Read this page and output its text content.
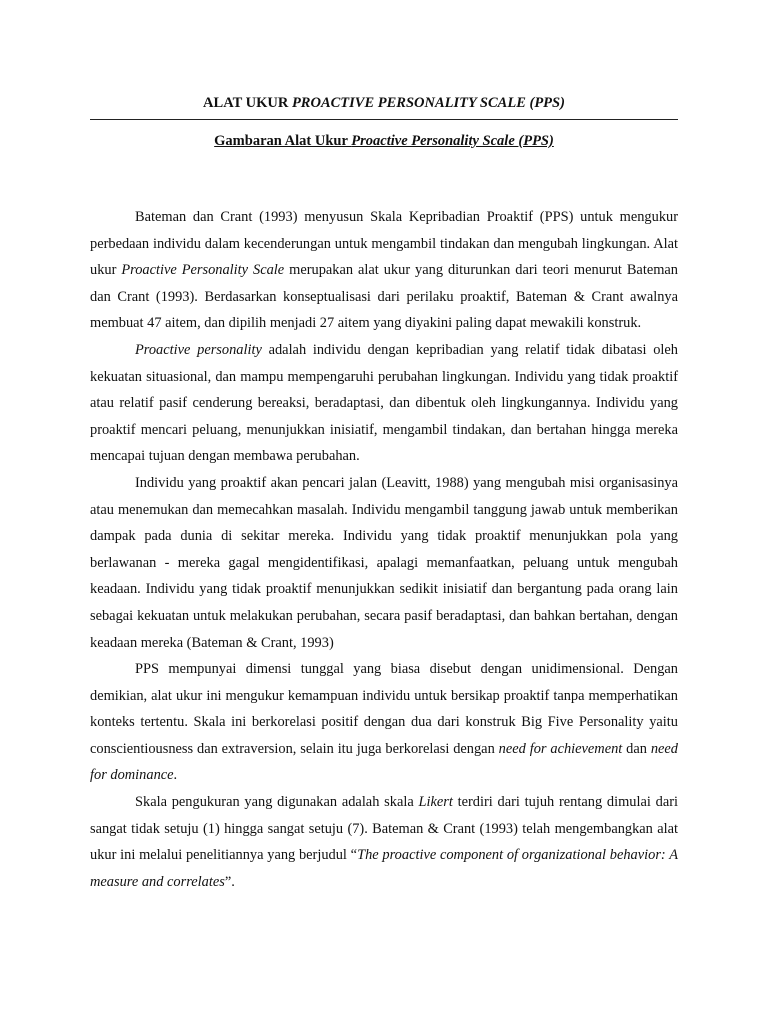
ALAT UKUR PROACTIVE PERSONALITY SCALE (PPS)
Gambaran Alat Ukur Proactive Personality Scale (PPS)

Bateman dan Crant (1993) menyusun Skala Kepribadian Proaktif (PPS) untuk mengukur perbedaan individu dalam kecenderungan untuk mengambil tindakan dan mengubah lingkungan. Alat ukur Proactive Personality Scale merupakan alat ukur yang diturunkan dari teori menurut Bateman dan Crant (1993). Berdasarkan konseptualisasi dari perilaku proaktif, Bateman & Crant awalnya membuat 47 aitem, dan dipilih menjadi 27 aitem yang diyakini paling dapat mewakili konstruk.

Proactive personality adalah individu dengan kepribadian yang relatif tidak dibatasi oleh kekuatan situasional, dan mampu mempengaruhi perubahan lingkungan. Individu yang tidak proaktif atau relatif pasif cenderung bereaksi, beradaptasi, dan dibentuk oleh lingkungannya. Individu yang proaktif mencari peluang, menunjukkan inisiatif, mengambil tindakan, dan bertahan hingga mereka mencapai tujuan dengan membawa perubahan.

Individu yang proaktif akan pencari jalan (Leavitt, 1988) yang mengubah misi organisasinya atau menemukan dan memecahkan masalah. Individu mengambil tanggung jawab untuk memberikan dampak pada dunia di sekitar mereka. Individu yang tidak proaktif menunjukkan pola yang berlawanan - mereka gagal mengidentifikasi, apalagi memanfaatkan, peluang untuk mengubah keadaan. Individu yang tidak proaktif menunjukkan sedikit inisiatif dan bergantung pada orang lain sebagai kekuatan untuk melakukan perubahan, secara pasif beradaptasi, dan bahkan bertahan, dengan keadaan mereka (Bateman & Crant, 1993)

PPS mempunyai dimensi tunggal yang biasa disebut dengan unidimensional. Dengan demikian, alat ukur ini mengukur kemampuan individu untuk bersikap proaktif tanpa memperhatikan konteks tertentu. Skala ini berkorelasi positif dengan dua dari konstruk Big Five Personality yaitu conscientiousness dan extraversion, selain itu juga berkorelasi dengan need for achievement dan need for dominance.

Skala pengukuran yang digunakan adalah skala Likert terdiri dari tujuh rentang dimulai dari sangat tidak setuju (1) hingga sangat setuju (7). Bateman & Crant (1993) telah mengembangkan alat ukur ini melalui penelitiannya yang berjudul “The proactive component of organizational behavior: A measure and correlates”.
